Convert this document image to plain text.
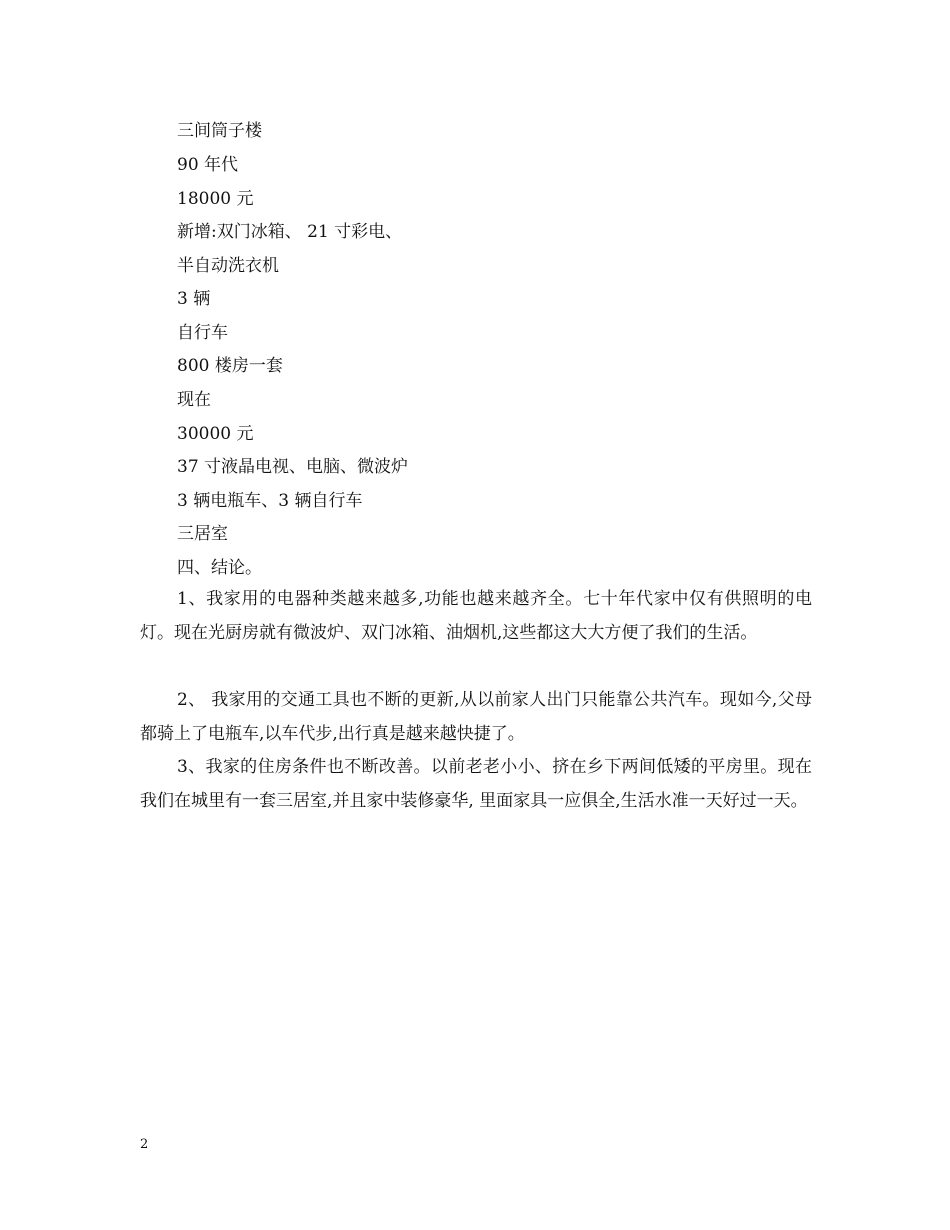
三间筒子楼
90 年代
18000 元
新增:双门冰箱、 21 寸彩电、
半自动洗衣机
3 辆
自行车
800 楼房一套
现在
30000 元
37 寸液晶电视、电脑、微波炉
3 辆电瓶车、3 辆自行车
三居室
四、结论。

1、我家用的电器种类越来越多,功能也越来越齐全。七十年代家中仅有供照明的电灯。现在光厨房就有微波炉、双门冰箱、油烟机,这些都这大大方便了我们的生活。

2、 我家用的交通工具也不断的更新,从以前家人出门只能靠公共汽车。现如今,父母都骑上了电瓶车,以车代步,出行真是越来越快捷了。

3、我家的住房条件也不断改善。以前老老小小、挤在乡下两间低矮的平房里。现在我们在城里有一套三居室,并且家中装修豪华, 里面家具一应俱全,生活水准一天好过一天。

2
